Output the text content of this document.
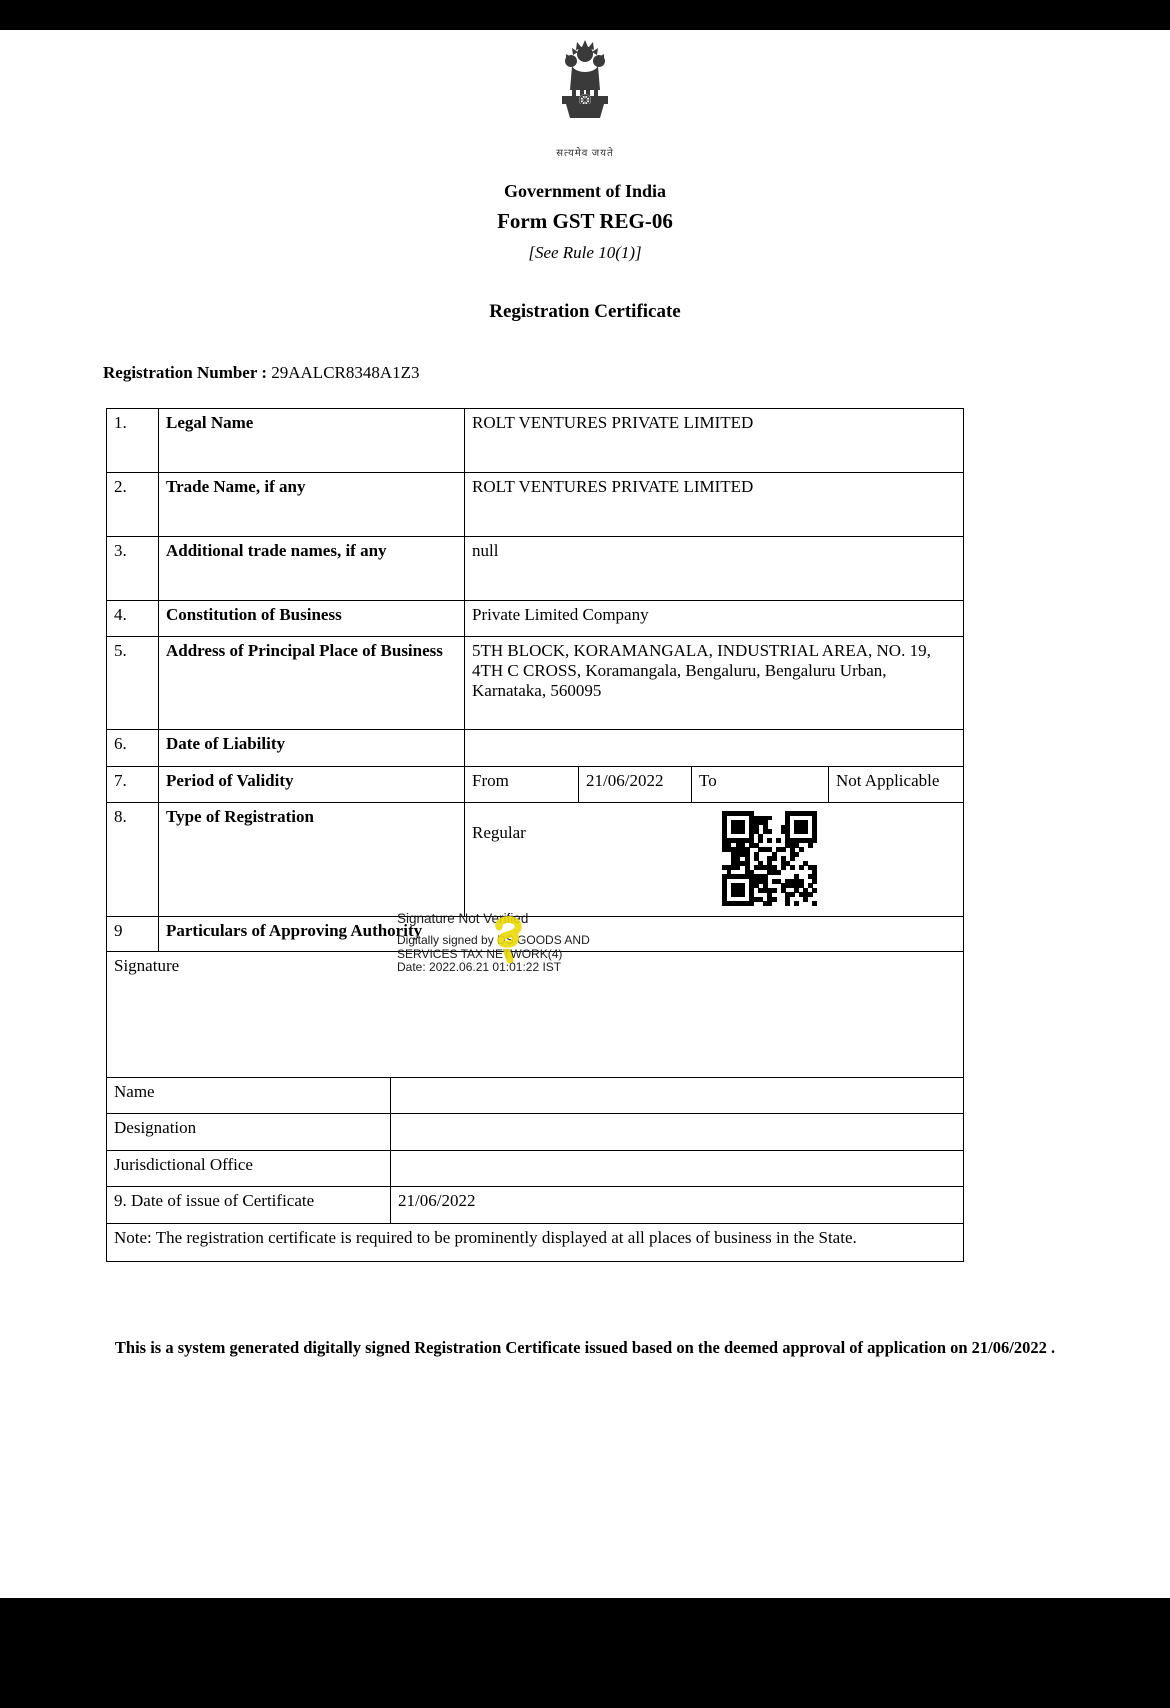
सत्यमेव जयते
Government of India
Form GST REG-06
[See Rule 10(1)]
Registration Certificate
Registration Number : 29AALCR8348A1Z3
1.	Legal Name	ROLT VENTURES PRIVATE LIMITED			
2.	Trade Name, if any	ROLT VENTURES PRIVATE LIMITED			
3.	Additional trade names, if any	null			
4.	Constitution of Business	Private Limited Company			
5.	Address of Principal Place of Business	5TH BLOCK, KORAMANGALA, INDUSTRIAL AREA, NO. 19, 4TH C CROSS, Koramangala, Bengaluru, Bengaluru Urban, Karnataka, 560095			
6.	Date of Liability				
7.	Period of Validity	From	21/06/2022	To	Not Applicable
8.	Type of Registration	Regular			

9	Particulars of Approving Authority				
Signature					
Name	
Designation	
Jurisdictional Office	
9. Date of issue of Certificate	21/06/2022
Note: The registration certificate is required to be prominently displayed at all places of business in the State.	
Signature Not Verified
Digitally signed by DS GOODS AND
SERVICES TAX NETWORK(4)
Date: 2022.06.21 01:01:22 IST
This is a system generated digitally signed Registration Certificate issued based on the deemed approval of application on 21/06/2022 .
